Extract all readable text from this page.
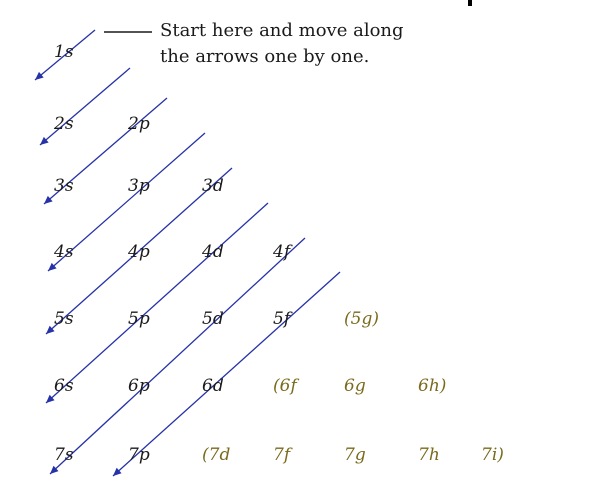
Start here and move along
the arrows one by one.
1s
2s	2p
3s	3p	3d
4s	4p	4d	4f
5s	5p	5d	5f	(5g)
6s	6p	6d	(6f	6g	6h)
7s	7p	(7d	7f	7g	7h 7i)
